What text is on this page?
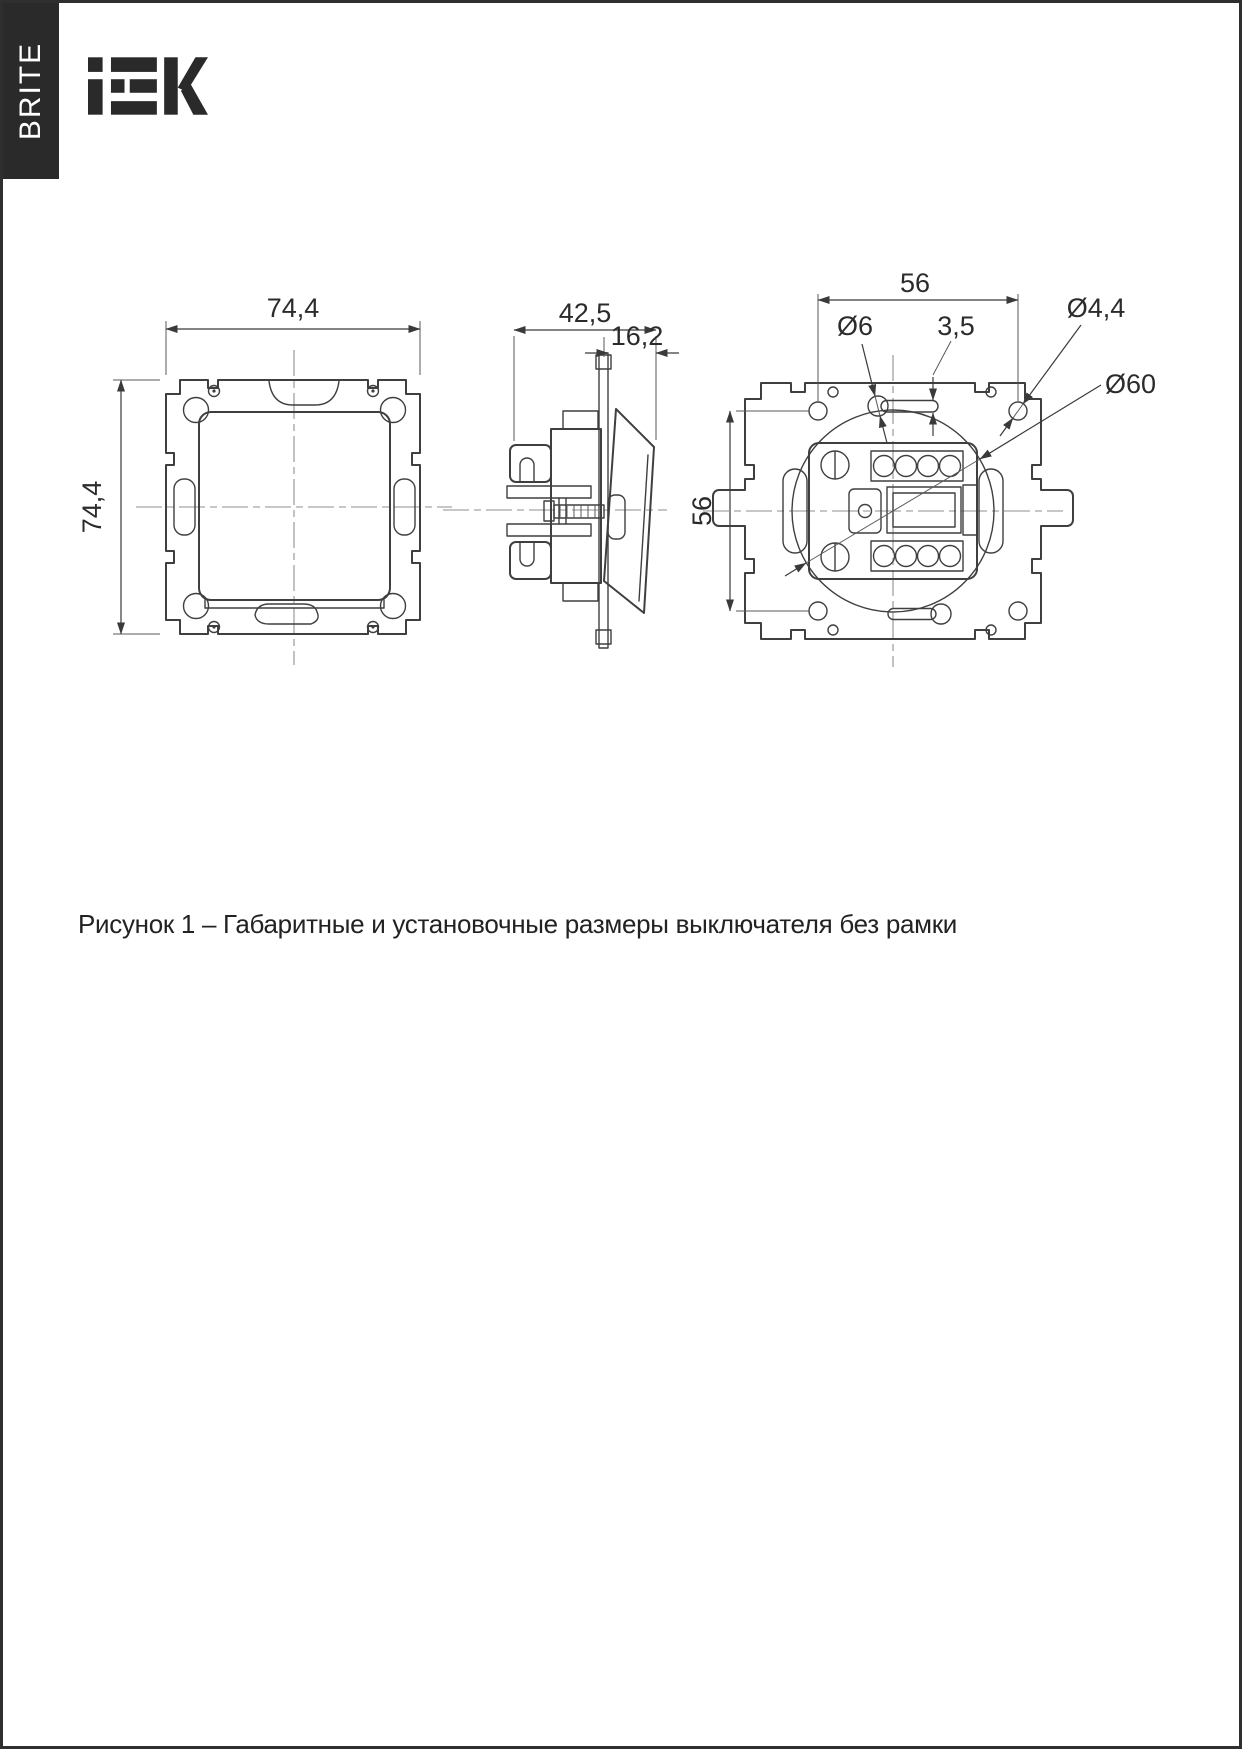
BRITE
74,4
74,4
42,5
16,2
56
56
Ø6 3,5
Ø4,4
Ø60
Рисунок 1 – Габаритные и установочные размеры выключателя без рамки
